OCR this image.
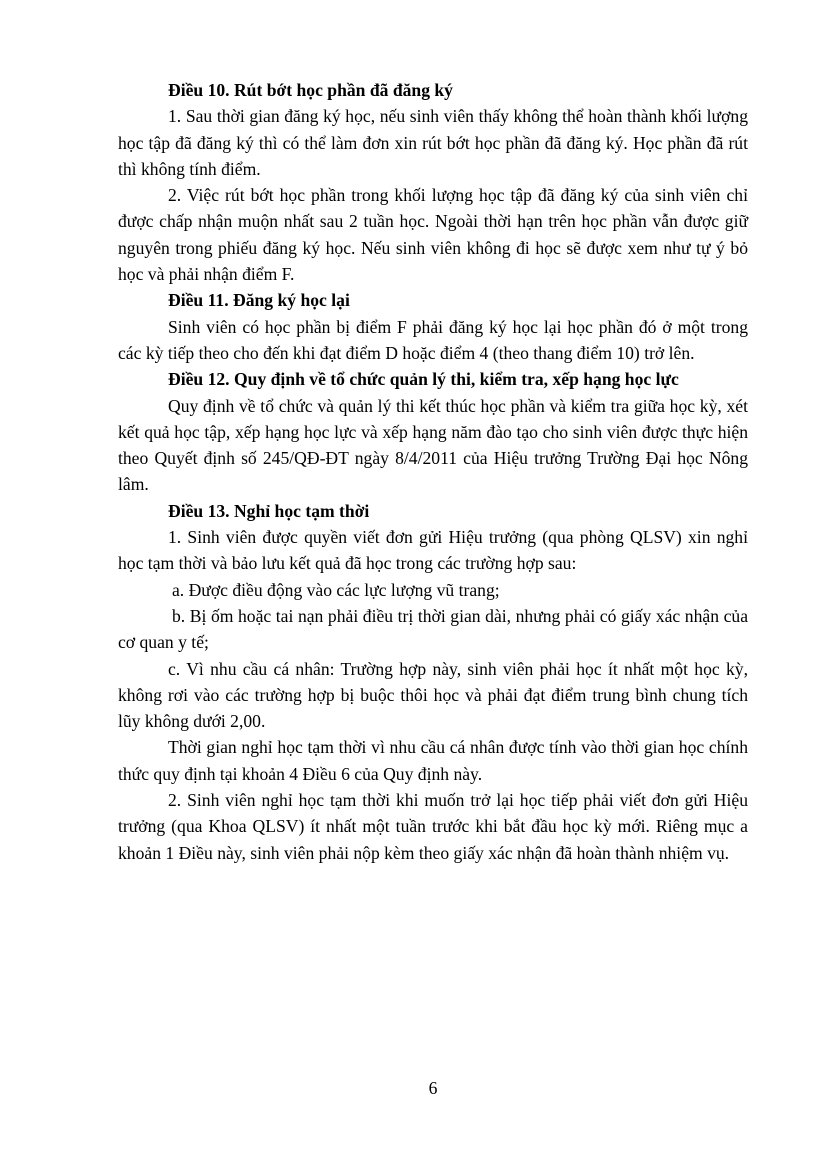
Điều 10. Rút bớt học phần đã đăng ký

1. Sau thời gian đăng ký học, nếu sinh viên thấy không thể hoàn thành khối lượng học tập đã đăng ký thì có thể làm đơn xin rút bớt học phần đã đăng ký. Học phần đã rút thì không tính điểm.

2. Việc rút bớt học phần trong khối lượng học tập đã đăng ký của sinh viên chỉ được chấp nhận muộn nhất sau 2 tuần học. Ngoài thời hạn trên học phần vẫn được giữ nguyên trong phiếu đăng ký học. Nếu sinh viên không đi học sẽ được xem như tự ý bỏ học và phải nhận điểm F.

Điều 11. Đăng ký học lại

Sinh viên có học phần bị điểm F phải đăng ký học lại học phần đó ở một trong các kỳ tiếp theo cho đến khi đạt điểm D hoặc điểm 4 (theo thang điểm 10) trở lên.

Điều 12. Quy định về tổ chức quản lý thi, kiểm tra, xếp hạng học lực

Quy định về tổ chức và quản lý thi kết thúc học phần và kiểm tra giữa học kỳ, xét kết quả học tập, xếp hạng học lực và xếp hạng năm đào tạo cho sinh viên được thực hiện theo Quyết định số 245/QĐ-ĐT ngày 8/4/2011 của Hiệu trưởng Trường Đại học Nông lâm.

Điều 13. Nghỉ học tạm thời

1. Sinh viên được quyền viết đơn gửi Hiệu trưởng (qua phòng QLSV) xin nghỉ học tạm thời và bảo lưu kết quả đã học trong các trường hợp sau:

a. Được điều động vào các lực lượng vũ trang;

b. Bị ốm hoặc tai nạn phải điều trị thời gian dài, nhưng phải có giấy xác nhận của cơ quan y tế;

c. Vì nhu cầu cá nhân: Trường hợp này, sinh viên phải học ít nhất một học kỳ, không rơi vào các trường hợp bị buộc thôi học và phải đạt điểm trung bình chung tích lũy không dưới 2,00.

Thời gian nghỉ học tạm thời vì nhu cầu cá nhân được tính vào thời gian học chính thức quy định tại khoản 4 Điều 6 của Quy định này.

2. Sinh viên nghỉ học tạm thời khi muốn trở lại học tiếp phải viết đơn gửi Hiệu trưởng (qua Khoa QLSV) ít nhất một tuần trước khi bắt đầu học kỳ mới. Riêng mục a khoản 1 Điều này, sinh viên phải nộp kèm theo giấy xác nhận đã hoàn thành nhiệm vụ.

6
